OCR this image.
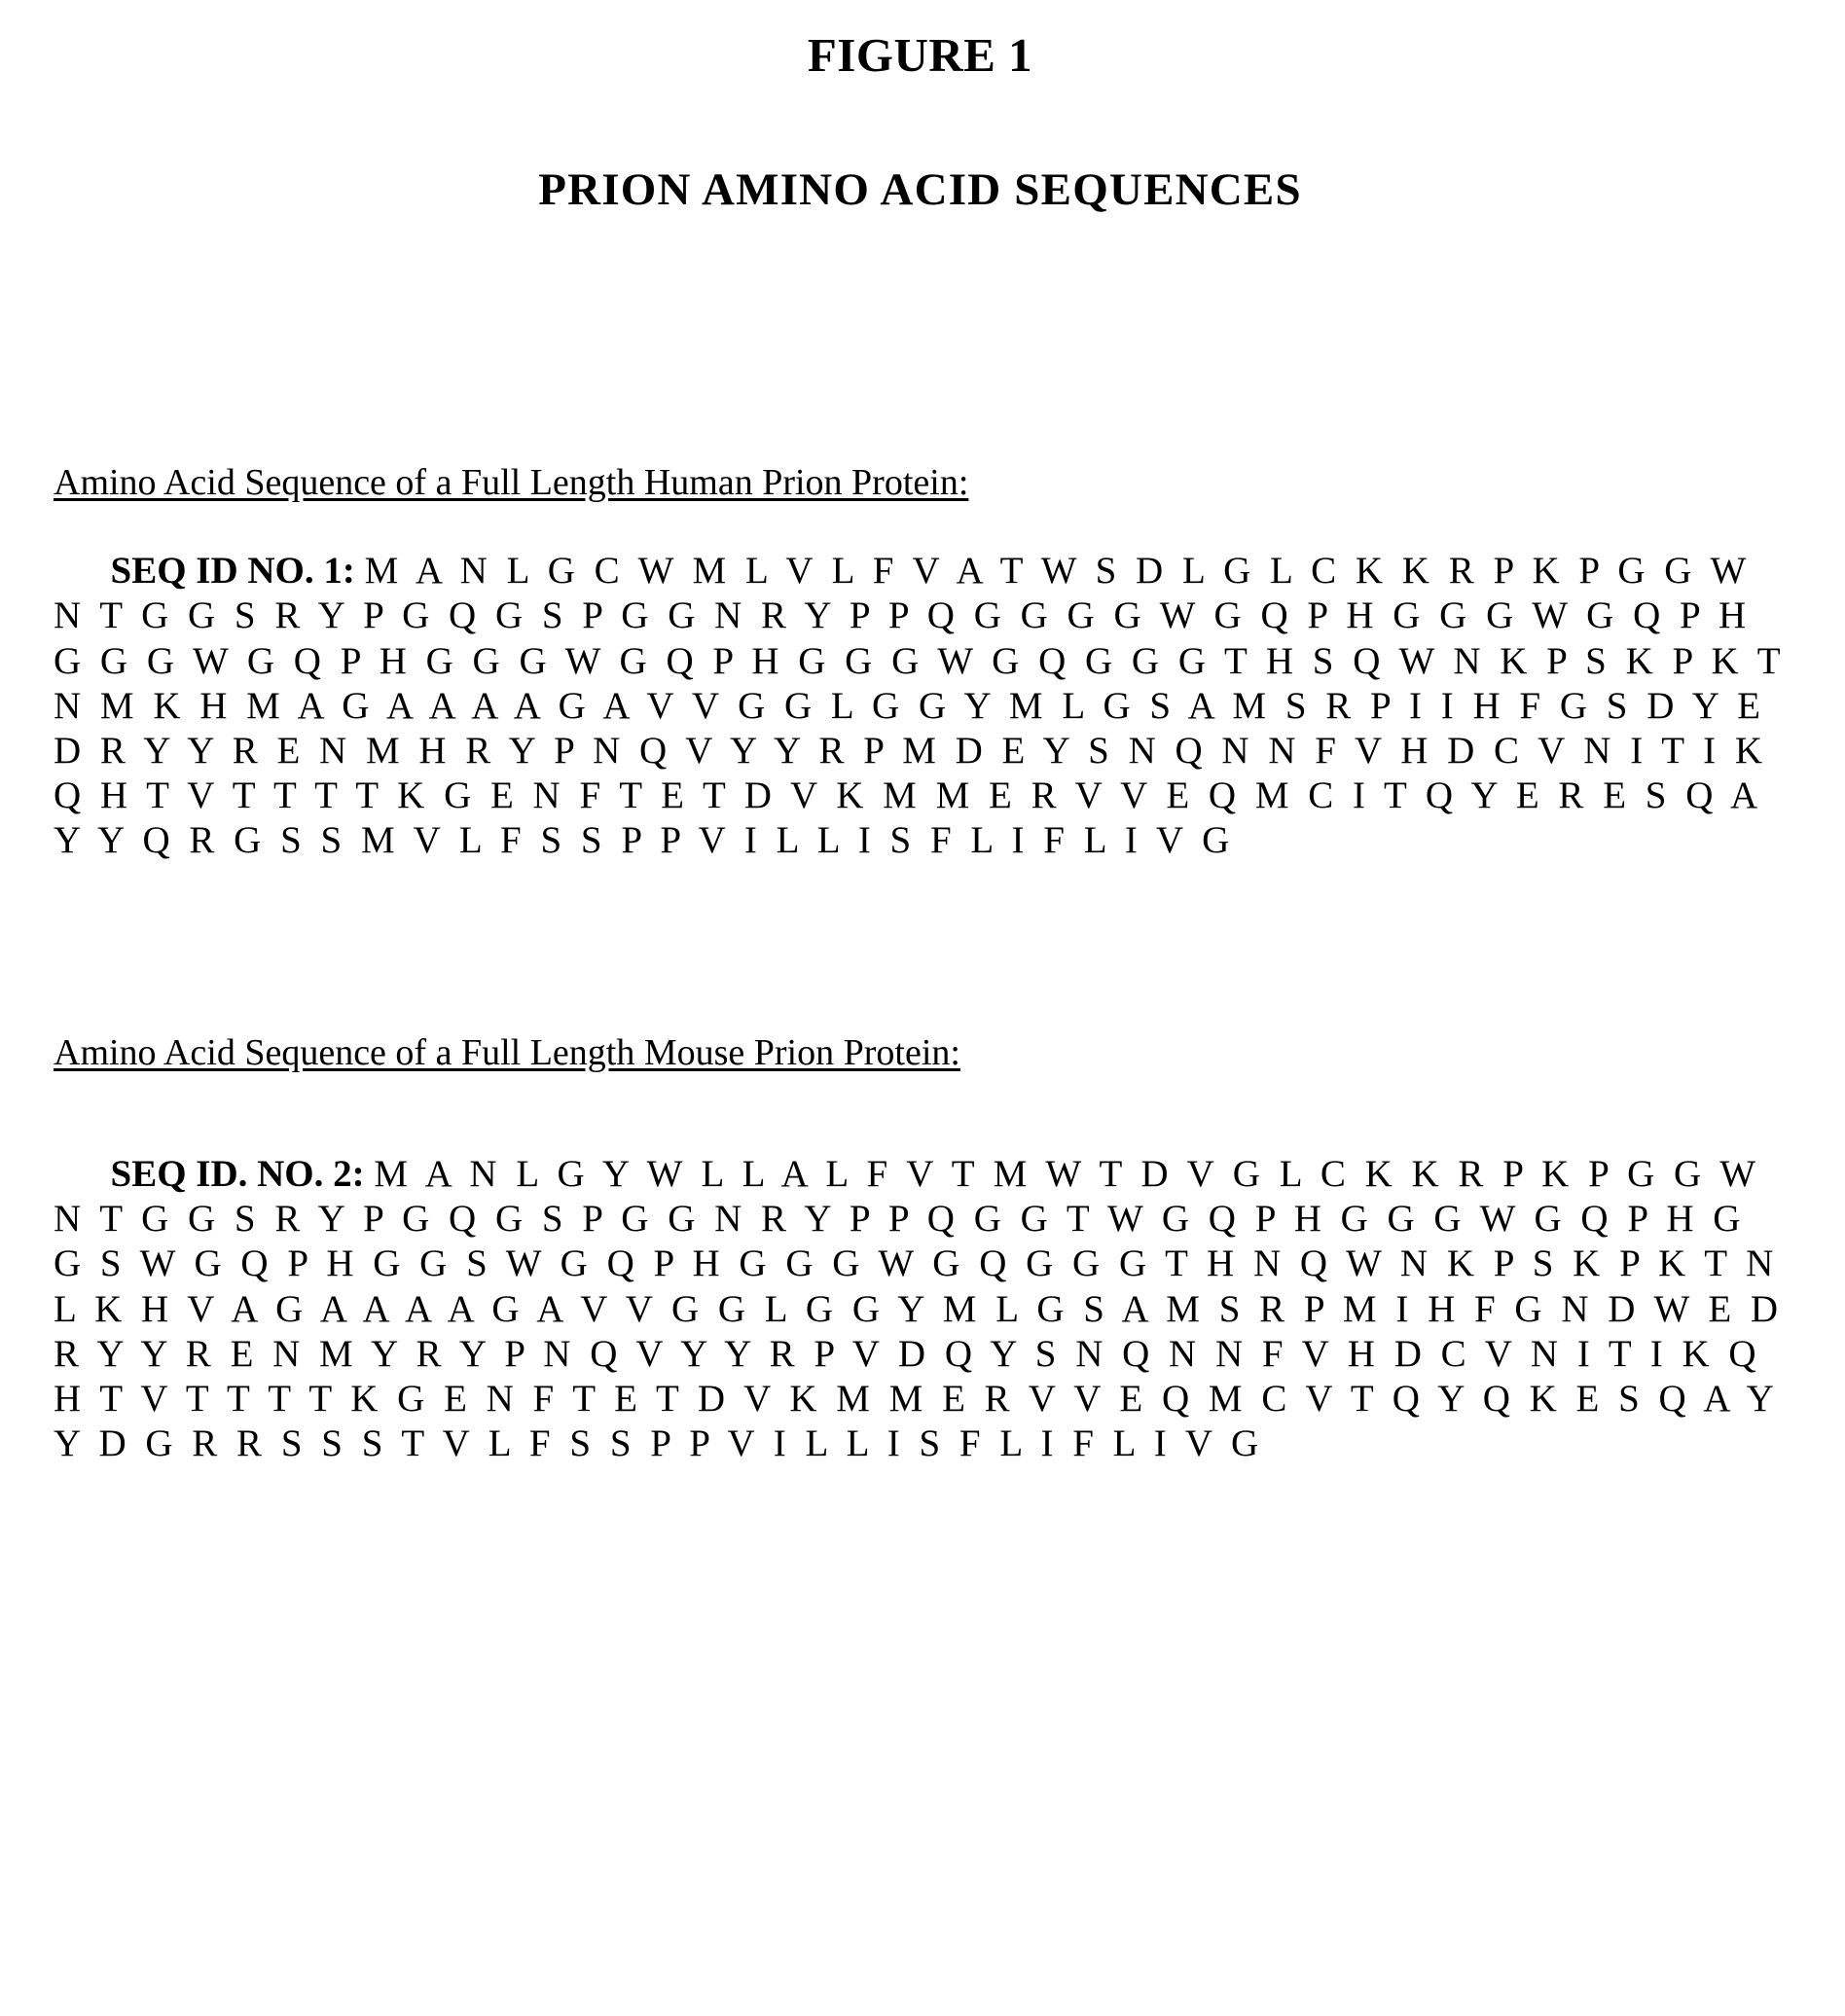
FIGURE 1
PRION AMINO ACID SEQUENCES
Amino Acid Sequence of a Full Length Human Prion Protein:

SEQ ID NO. 1: M A N L G C W M L V L F V A T W S D L G L C K K R P K P G G W N T G G S R Y P G Q G S P G G N R Y P P Q G G G G W G Q P H G G G W G Q P H G G G W G Q P H G G G W G Q P H G G G W G Q G G G T H S Q W N K P S K P K T N M K H M A G A A A A G A V V G G L G G Y M L G S A M S R P I I H F G S D Y E D R Y Y R E N M H R Y P N Q V Y Y R P M D E Y S N Q N N F V H D C V N I T I K Q H T V T T T T K G E N F T E T D V K M M E R V V E Q M C I T Q Y E R E S Q A Y Y Q R G S S M V L F S S P P V I L L I S F L I F L I V G

Amino Acid Sequence of a Full Length Mouse Prion Protein:

SEQ ID. NO. 2: M A N L G Y W L L A L F V T M W T D V G L C K K R P K P G G W N T G G S R Y P G Q G S P G G N R Y P P Q G G T W G Q P H G G G W G Q P H G G S W G Q P H G G S W G Q P H G G G W G Q G G G T H N Q W N K P S K P K T N L K H V A G A A A A G A V V G G L G G Y M L G S A M S R P M I H F G N D W E D R Y Y R E N M Y R Y P N Q V Y Y R P V D Q Y S N Q N N F V H D C V N I T I K Q H T V T T T T K G E N F T E T D V K M M E R V V E Q M C V T Q Y Q K E S Q A Y Y D G R R S S S T V L F S S P P V I L L I S F L I F L I V G
